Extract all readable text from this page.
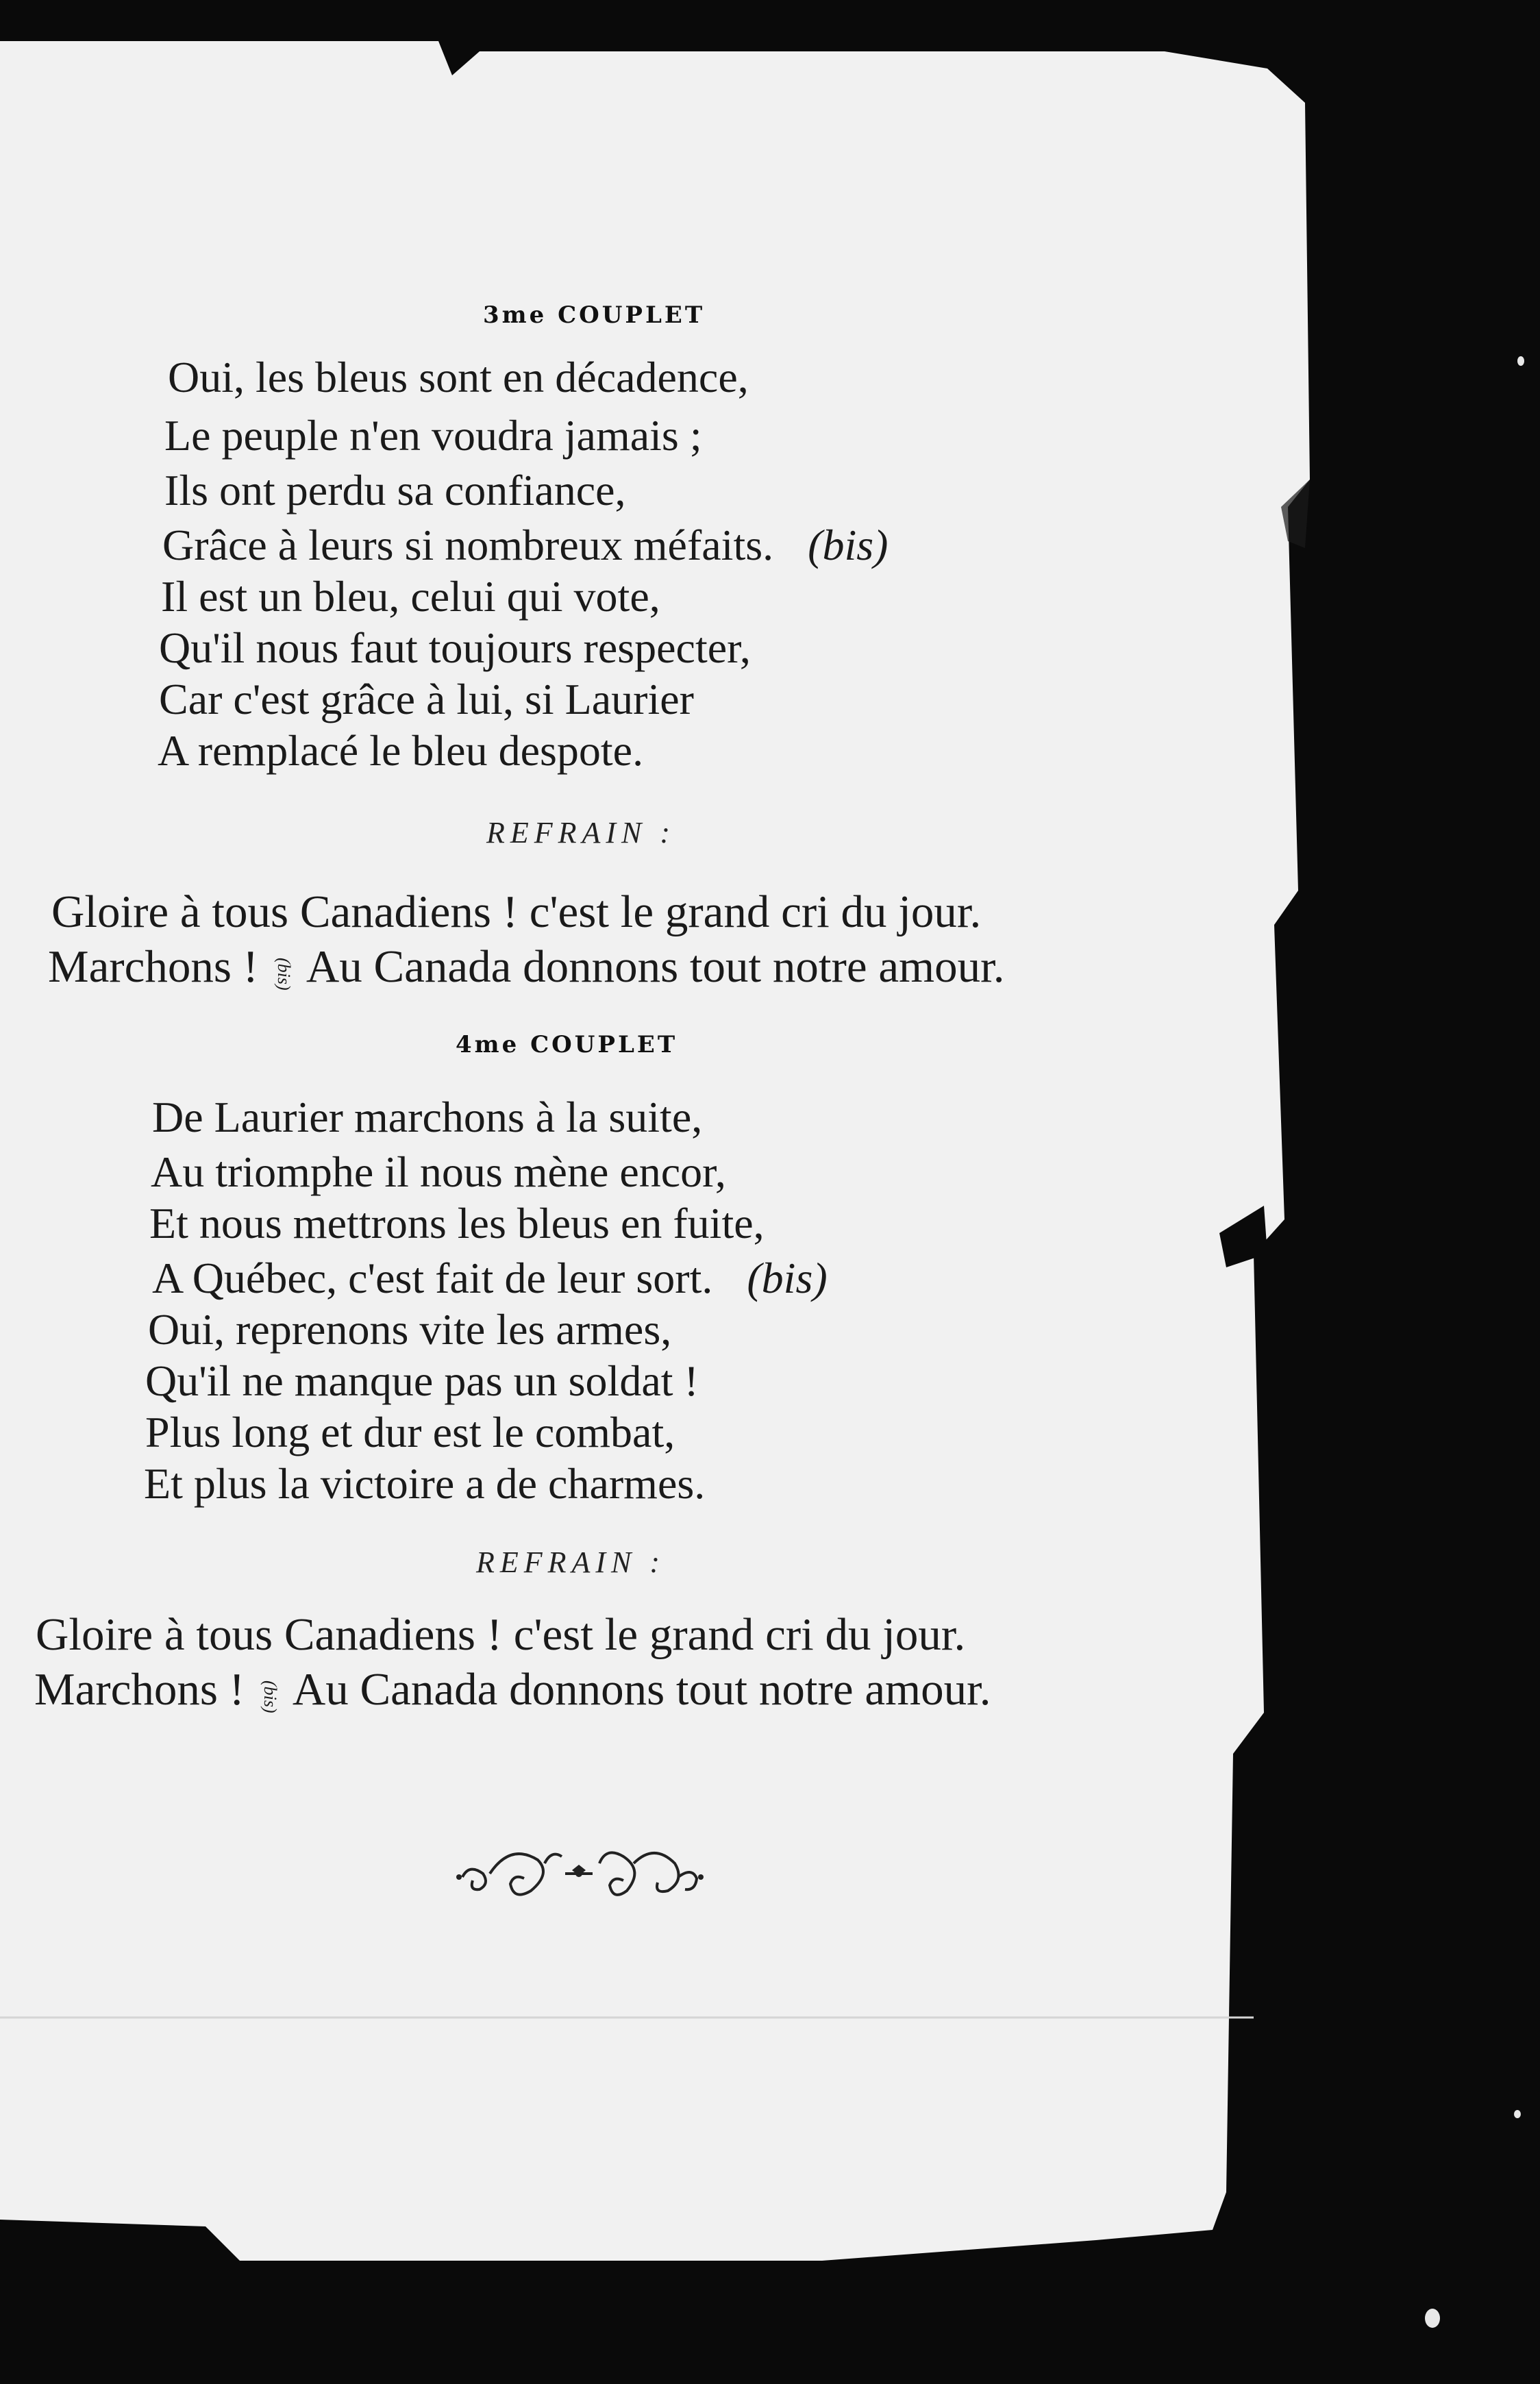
3me COUPLET
Oui, les bleus sont en décadence,
Le peuple n'en voudra jamais ;
Ils ont perdu sa confiance,
Grâce à leurs si nombreux méfaits. (bis)
Il est un bleu, celui qui vote,
Qu'il nous faut toujours respecter,
Car c'est grâce à lui, si Laurier
A remplacé le bleu despote.
REFRAIN :
Gloire à tous Canadiens ! c'est le grand cri du jour.
Marchons ! (bis) Au Canada donnons tout notre amour.
4me COUPLET
De Laurier marchons à la suite,
Au triomphe il nous mène encor,
Et nous mettrons les bleus en fuite,
A Québec, c'est fait de leur sort. (bis)
Oui, reprenons vite les armes,
Qu'il ne manque pas un soldat !
Plus long et dur est le combat,
Et plus la victoire a de charmes.
REFRAIN :
Gloire à tous Canadiens ! c'est le grand cri du jour.
Marchons ! (bis) Au Canada donnons tout notre amour.
